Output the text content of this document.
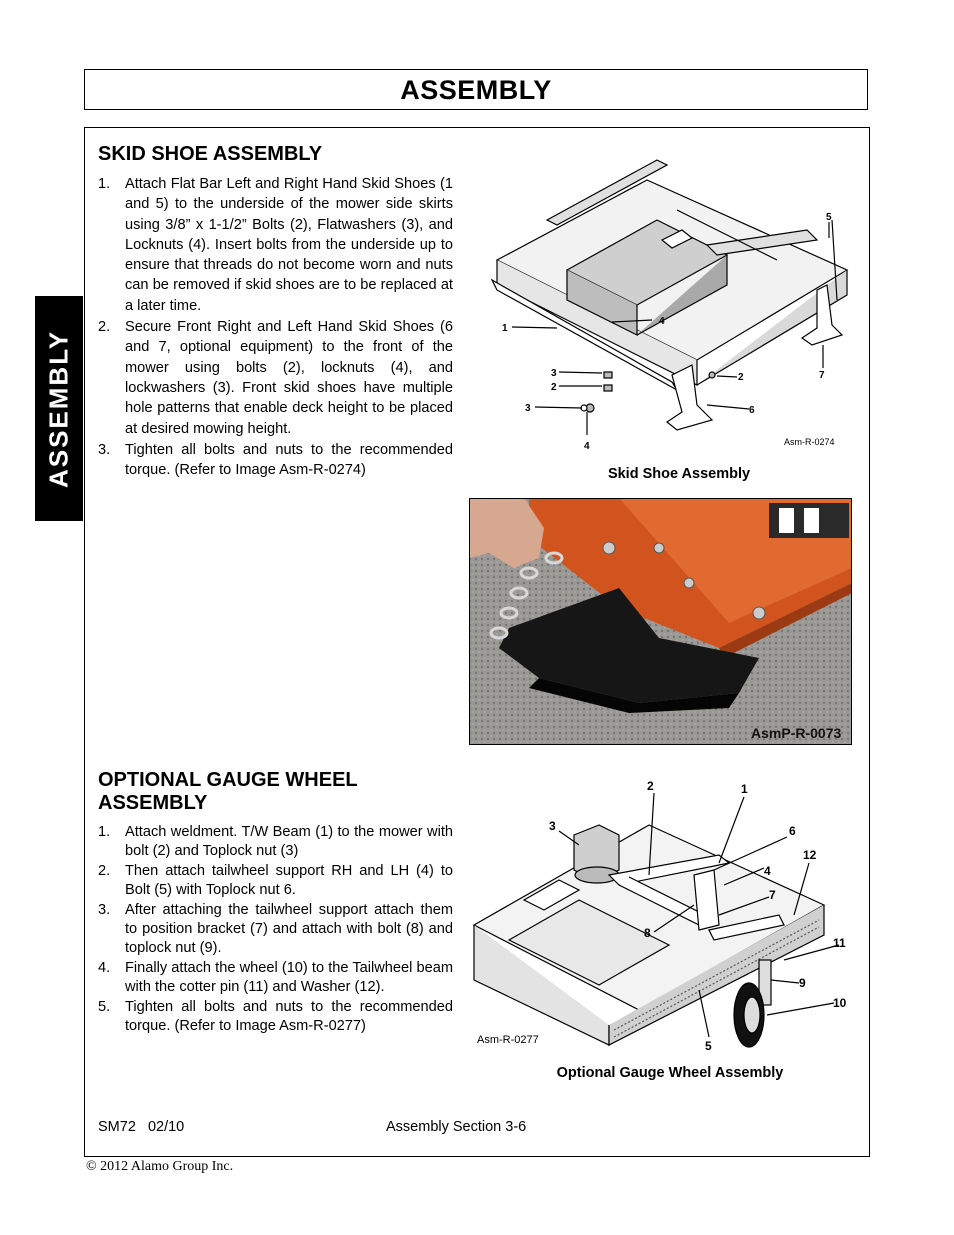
ASSEMBLY
ASSEMBLY
SKID SHOE ASSEMBLY
1. Attach Flat Bar Left and Right Hand Skid Shoes (1 and 5) to the underside of the mower side skirts using 3/8” x 1-1/2” Bolts (2), Flatwashers (3), and Locknuts (4). Insert bolts from the underside up to ensure that threads do not become worn and nuts can be removed if skid shoes are to be replaced at a later time.
2. Secure Front Right and Left Hand Skid Shoes (6 and 7, optional equipment) to the front of the mower using bolts (2), locknuts (4), and lockwashers (3). Front skid shoes have multiple hole patterns that enable deck height to be placed at desired mowing height.
3. Tighten all bolts and nuts to the recommended torque. (Refer to Image Asm-R-0274)
1
2
2
3
3
4
4
5
6
7
Asm-R-0274
Skid Shoe Assembly
AsmP-R-0073
OPTIONAL GAUGE WHEEL
ASSEMBLY
1. Attach weldment. T/W Beam (1) to the mower with bolt (2) and Toplock nut (3)
2. Then attach tailwheel support RH and LH (4) to Bolt (5) with Toplock nut 6.
3. After attaching the tailwheel support attach them to position bracket (7) and attach with bolt (8) and toplock nut (9).
4. Finally attach the wheel (10) to the Tailwheel beam with the cotter pin (11) and Washer (12).
5. Tighten all bolts and nuts to the recommended torque. (Refer to Image Asm-R-0277)
1
2
3
4
5
6
7
8
9
10
11
12
Asm-R-0277
Optional Gauge Wheel Assembly
SM72   02/10	Assembly Section 3-6
© 2012 Alamo Group Inc.
